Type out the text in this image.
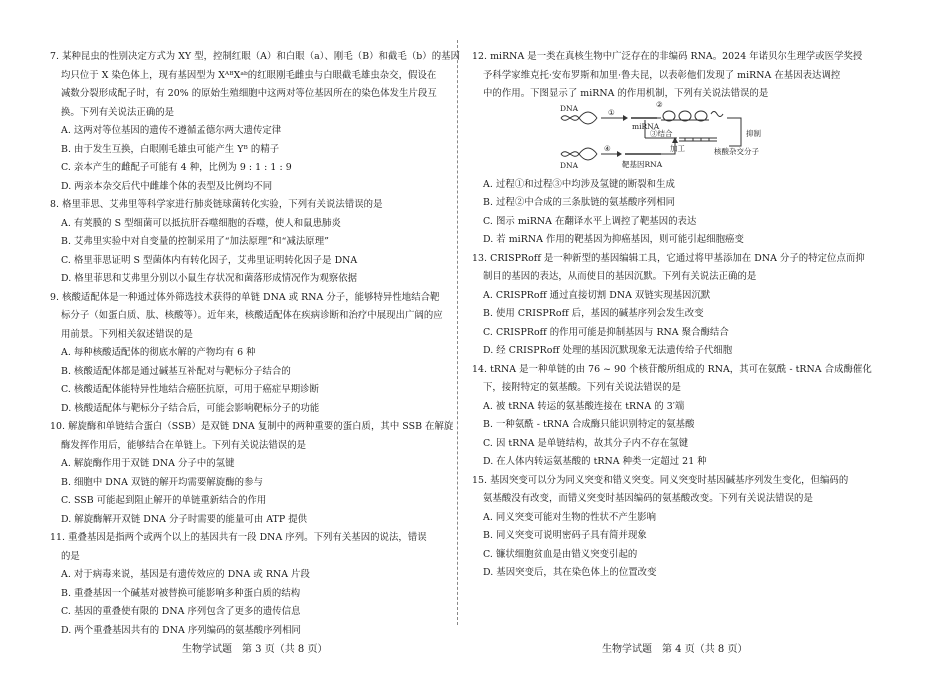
7. 某种昆虫的性别决定方式为 XY 型，控制红眼（A）和白眼（a）、刚毛（B）和截毛（b）的基因

均只位于 X 染色体上，现有基因型为 XᴬᴮXᵃᵇ的红眼刚毛雌虫与白眼截毛雄虫杂交，假设在

减数分裂形成配子时，有 20% 的原始生殖细胞中这两对等位基因所在的染色体发生片段互

换。下列有关说法正确的是

A. 这两对等位基因的遗传不遵循孟德尔两大遗传定律

B. 由于发生互换，白眼刚毛雄虫可能产生 Yᴮ 的精子

C. 亲本产生的雌配子可能有 4 种，比例为 9 : 1 : 1 : 9

D. 两亲本杂交后代中雌雄个体的表型及比例均不同

8. 格里菲思、艾弗里等科学家进行肺炎链球菌转化实验，下列有关说法错误的是

A. 有荚膜的 S 型细菌可以抵抗肝吞噬细胞的吞噬，使人和鼠患肺炎

B. 艾弗里实验中对自变量的控制采用了“加法原理”和“减法原理”

C. 格里菲思证明 S 型菌体内有转化因子，艾弗里证明转化因子是 DNA

D. 格里菲思和艾弗里分别以小鼠生存状况和菌落形成情况作为观察依据

9. 核酸适配体是一种通过体外筛选技术获得的单链 DNA 或 RNA 分子，能够特异性地结合靶

标分子（如蛋白质、肽、核酸等）。近年来，核酸适配体在疾病诊断和治疗中展现出广阔的应

用前景。下列相关叙述错误的是

A. 每种核酸适配体的彻底水解的产物均有 6 种

B. 核酸适配体都是通过碱基互补配对与靶标分子结合的

C. 核酸适配体能特异性地结合癌胚抗原，可用于癌症早期诊断

D. 核酸适配体与靶标分子结合后，可能会影响靶标分子的功能

10. 解旋酶和单链结合蛋白（SSB）是双链 DNA 复制中的两种重要的蛋白质，其中 SSB 在解旋

酶发挥作用后，能够结合在单链上。下列有关说法错误的是

A. 解旋酶作用于双链 DNA 分子中的氢键

B. 细胞中 DNA 双链的解开均需要解旋酶的参与

C. SSB 可能起到阻止解开的单链重新结合的作用

D. 解旋酶解开双链 DNA 分子时需要的能量可由 ATP 提供

11. 重叠基因是指两个或两个以上的基因共有一段 DNA 序列。下列有关基因的说法，错误

的是

A. 对于病毒来说，基因是有遗传效应的 DNA 或 RNA 片段

B. 重叠基因一个碱基对被替换可能影响多种蛋白质的结构

C. 基因的重叠使有限的 DNA 序列包含了更多的遗传信息

D. 两个重叠基因共有的 DNA 序列编码的氨基酸序列相同

12. miRNA 是一类在真核生物中广泛存在的非编码 RNA。2024 年诺贝尔生理学或医学奖授

予科学家维克托·安布罗斯和加里·鲁夫昆，以表彰他们发现了 miRNA 在基因表达调控

中的作用。下图显示了 miRNA 的作用机制，下列有关说法错误的是

DNA	①
②
miRNA
抑制
③结合
核酸杂交分子
DNA
④
靶基因RNA
加工

A. 过程①和过程③中均涉及氢键的断裂和生成

B. 过程②中合成的三条肽链的氨基酸序列相同

C. 图示 miRNA 在翻译水平上调控了靶基因的表达

D. 若 miRNA 作用的靶基因为抑癌基因，则可能引起细胞癌变

13. CRISPRoff 是一种新型的基因编辑工具，它通过将甲基添加在 DNA 分子的特定位点而抑

制目的基因的表达，从而使目的基因沉默。下列有关说法正确的是

A. CRISPRoff 通过直接切割 DNA 双链实现基因沉默

B. 使用 CRISPRoff 后，基因的碱基序列会发生改变

C. CRISPRoff 的作用可能是抑制基因与 RNA 聚合酶结合

D. 经 CRISPRoff 处理的基因沉默现象无法遗传给子代细胞

14. tRNA 是一种单链的由 76 ~ 90 个核苷酸所组成的 RNA，其可在氨酰 - tRNA 合成酶催化

下，接附特定的氨基酸。下列有关说法错误的是

A. 被 tRNA 转运的氨基酸连接在 tRNA 的 3′端

B. 一种氨酰 - tRNA 合成酶只能识别特定的氨基酸

C. 因 tRNA 是单链结构，故其分子内不存在氢键

D. 在人体内转运氨基酸的 tRNA 种类一定超过 21 种

15. 基因突变可以分为同义突变和错义突变。同义突变时基因碱基序列发生变化，但编码的

氨基酸没有改变，而错义突变时基因编码的氨基酸改变。下列有关说法错误的是

A. 同义突变可能对生物的性状不产生影响

B. 同义突变可说明密码子具有简并现象

C. 镰状细胞贫血是由错义突变引起的

D. 基因突变后，其在染色体上的位置改变

生物学试题　第 3 页（共 8 页）	生物学试题　第 4 页（共 8 页）
